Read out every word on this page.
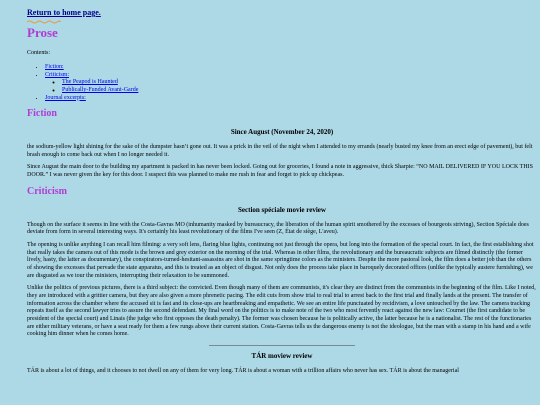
Return to home page.
Prose
Contents:
• Fiction:
• Criticism:
◦ The Peapod is Haunted
◦ Publically-Funded Avant-Garde
• Journal excerpts:
Fiction
Since August (November 24, 2020)

the sodium-yellow light shining for the sake of the dumpster hasn’t gone out. It was a prick in the veil of the night when I attended to my errands (nearly busted my knee from an erect edge of pavement), but felt brash enough to come back out when I no longer needed it.

Since August the main door to the building my apartment is packed in has never been locked. Going out for groceries, I found a note in aggressive, thick Sharpie: “NO MAIL DELIVERED IF YOU LOCK THIS DOOR.” I was never given the key for this door. I suspect this was planned to make me rush in fear and forget to pick up chickpeas.

Criticism
Section spéciale movie review

Though on the surface it seems in line with the Costa-Gavras MO (inhumanity masked by bureaucracy, the liberation of the human spirit smothered by the excesses of bourgeois striving), Section Spéciale does deviate from form in several interesting ways. It's certainly his least revolutionary of the films I've seen (Z, État de siège, L'aveu).

The opening is unlike anything I can recall him filming: a very soft lens, flaring blue lights, continuing not just through the opera, but long into the formation of the special court. In fact, the first establishing shot that really takes the camera out of this mode is the brown and grey exterior on the morning of the trial. Whereas in other films, the revolutionary and the bureaucratic subjects are filmed distinctly (the former lively, hasty, the latter as documentary), the conspirators-turned-hesitant-assassins are shot in the same springtime colors as the ministers. Despite the more pastoral look, the film does a better job than the others of showing the excesses that pervade the state apparatus, and this is treated as an object of disgust. Not only does the process take place in baroquely decorated offices (unlike the typically austere furnishing), we are disgusted as we tour the ministers, interrupting their relaxation to be summoned.

Unlike the politics of previous pictures, there is a third subject: the convicted. Even though many of them are communists, it's clear they are distinct from the communists in the beginning of the film. Like I noted, they are introduced with a grittier camera, but they are also given a more phrenetic pacing. The edit cuts from show trial to real trial to arrest back to the first trial and finally lands at the present. The transfer of information across the chamber where the accused sit is fast and its close-ups are heartbreaking and empathetic. We see an entire life punctuated by recidivism, a love untouched by the law. The camera tracking repeats itself as the second lawyer tries to assure the second defendant. My final word on the politics is to make note of the two who most fervently react against the new law: Cournet (the first candidate to be president of the special court) and Linais (the judge who first opposes the death penalty). The former was chosen because he is politically active, the latter because he is a nationalist. The rest of the functionaries are either military veterans, or have a seat ready for them a few rungs above their current station. Costa-Gavras tells us the dangerous enemy is not the ideologue, but the man with a stamp in his hand and a wife cooking him dinner when he comes home.

TÁR moview review

TÁR is about a lot of things, and it chooses to not dwell on any of them for very long. TÁR is about a woman with a trillion affairs who never has sex. TÁR is about the managerial
